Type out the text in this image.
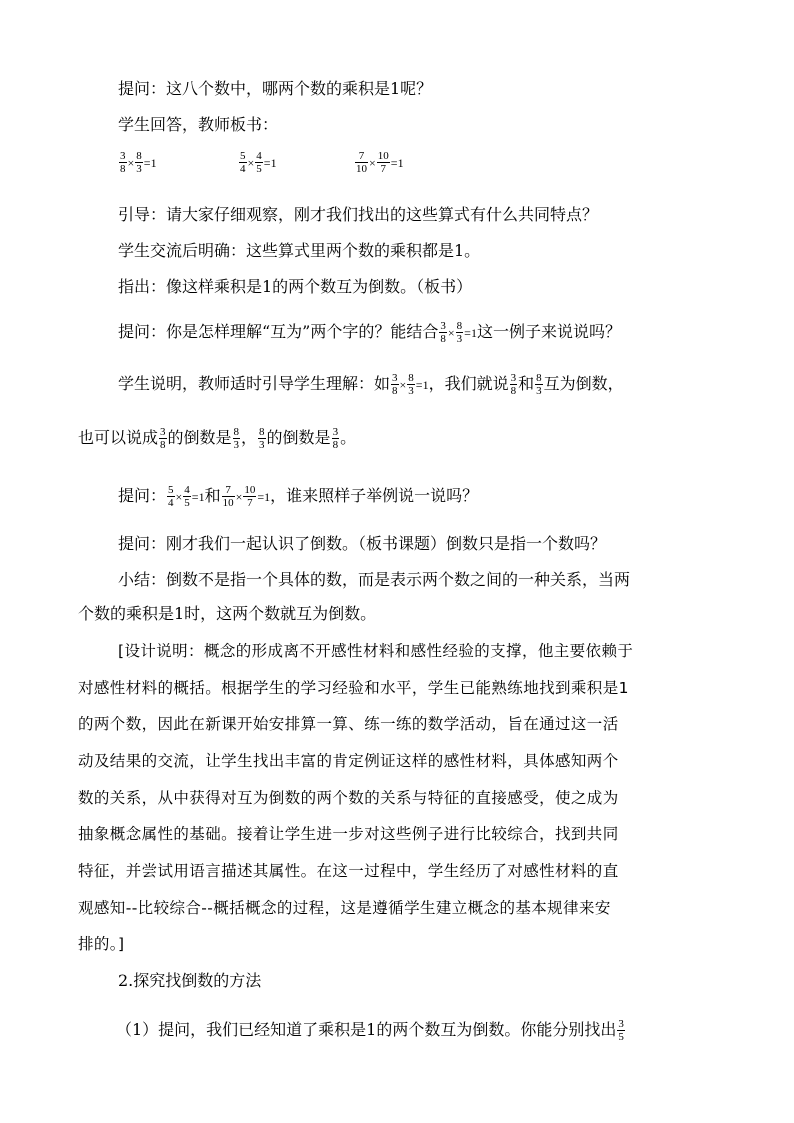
提问：这八个数中，哪两个数的乘积是1呢？
学生回答，教师板书：
$\frac{3}{8} \times \frac{8}{3} =1$	$\frac{5}{4} \times \frac{4}{5} =1$	$\frac{7}{10} \times \frac{10}{7} =1$
引导：请大家仔细观察，刚才我们找出的这些算式有什么共同特点？
学生交流后明确：这些算式里两个数的乘积都是1。
指出：像这样乘积是1的两个数互为倒数。（板书）
提问：你是怎样理解“互为”两个字的？能结合 $\frac{3}{8} \times \frac{8}{3} =1$这一例子来说说吗？
学生说明，教师适时引导学生理解：如 $\frac{3}{8} \times \frac{8}{3} =1$，我们就说 $\frac{3}{8}$ 和 $\frac{8}{3}$ 互为倒数，
也可以说成 $\frac{3}{8}$ 的倒数是 $\frac{8}{3}$ ， $\frac{8}{3}$ 的倒数是 $\frac{3}{8}$ 。
提问： $\frac{5}{4} \times \frac{4}{5} =1$和 $\frac{7}{10} \times \frac{10}{7} =1$，谁来照样子举例说一说吗？
提问：刚才我们一起认识了倒数。（板书课题）倒数只是指一个数吗？
小结：倒数不是指一个具体的数，而是表示两个数之间的一种关系，当两
个数的乘积是1时，这两个数就互为倒数。
[设计说明：概念的形成离不开感性材料和感性经验的支撑，他主要依赖于
对感性材料的概括。根据学生的学习经验和水平，学生已能熟练地找到乘积是1
的两个数，因此在新课开始安排算一算、练一练的数学活动，旨在通过这一活
动及结果的交流，让学生找出丰富的肯定例证这样的感性材料，具体感知两个
数的关系，从中获得对互为倒数的两个数的关系与特征的直接感受，使之成为
抽象概念属性的基础。接着让学生进一步对这些例子进行比较综合，找到共同
特征，并尝试用语言描述其属性。在这一过程中，学生经历了对感性材料的直
观感知--比较综合--概括概念的过程，这是遵循学生建立概念的基本规律来安
排的。]
2.探究找倒数的方法
（1）提问，我们已经知道了乘积是1的两个数互为倒数。你能分别找出 $\frac{3}{5}$
